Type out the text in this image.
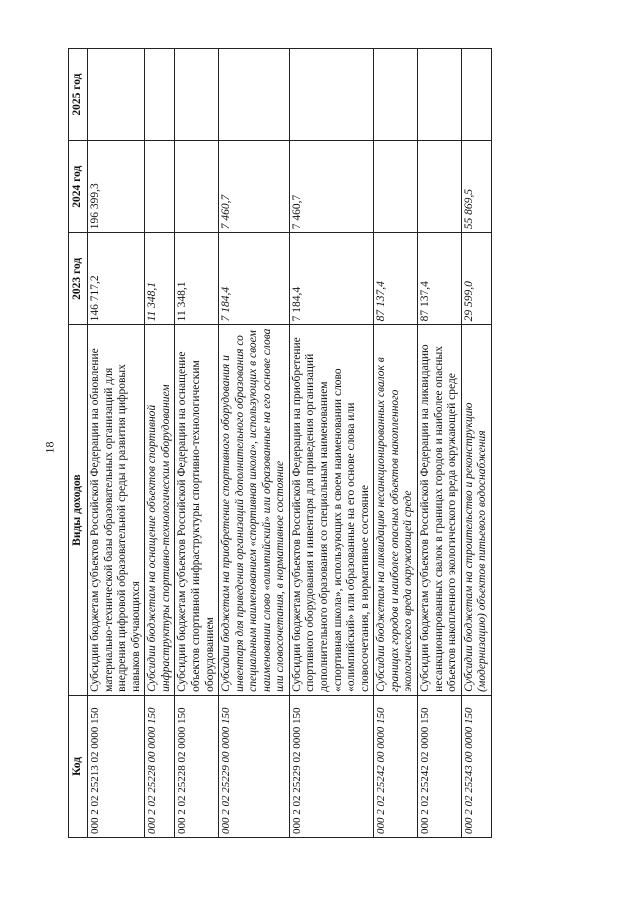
18
Код	Виды доходов	2023 год	2024 год	2025 год
000 2 02 25213 02 0000 150	Субсидии бюджетам субъектов Российской Федерации на обновление материально-технической базы образовательных организаций для внедрения цифровой образовательной среды и развития цифровых навыков обучающихся	146 717,2	196 399,3	
000 2 02 25228 00 0000 150	Субсидии бюджетам на оснащение объектов спортивной инфраструктуры спортивно-технологическим оборудованием	11 348,1		
000 2 02 25228 02 0000 150	Субсидии бюджетам субъектов Российской Федерации на оснащение объектов спортивной инфраструктуры спортивно-технологическим оборудованием	11 348,1		
000 2 02 25229 00 0000 150	Субсидии бюджетам на приобретение спортивного оборудования и инвентаря для приведения организаций дополнительного образования со специальным наименованием «спортивная школа», использующих в своем наименовании слово «олимпийский» или образованные на его основе слова или словосочетания, в нормативное состояние	7 184,4	7 460,7	
000 2 02 25229 02 0000 150	Субсидии бюджетам субъектов Российской Федерации на приобретение спортивного оборудования и инвентаря для приведения организаций дополнительного образования со специальным наименованием «спортивная школа», использующих в своем наименовании слово «олимпийский» или образованные на его основе слова или словосочетания, в нормативное состояние	7 184,4	7 460,7	
000 2 02 25242 00 0000 150	Субсидии бюджетам на ликвидацию несанкционированных свалок в границах городов и наиболее опасных объектов накопленного экологического вреда окружающей среде	87 137,4		
000 2 02 25242 02 0000 150	Субсидии бюджетам субъектов Российской Федерации на ликвидацию несанкционированных свалок в границах городов и наиболее опасных объектов накопленного экологического вреда окружающей среде	87 137,4		
000 2 02 25243 00 0000 150	Субсидии бюджетам на строительство и реконструкцию (модернизацию) объектов питьевого водоснабжения	29 599,0	55 869,5	
